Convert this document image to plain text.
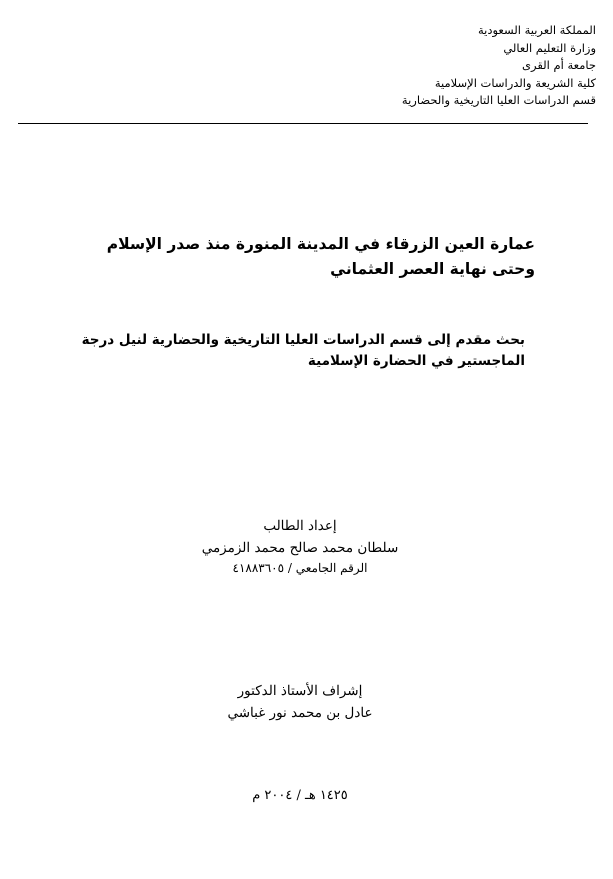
المملكة العربية السعودية
وزارة التعليم العالي
جامعة أم القرى
كلية الشريعة والدراسات الإسلامية
قسم الدراسات العليا التاريخية والحضارية
عمارة العين الزرقاء في المدينة المنورة منذ صدر الإسلام وحتى نهاية العصر العثماني
بحث مقدم إلى قسم الدراسات العليا التاريخية والحضارية لنيل درجة الماجستير في الحضارة الإسلامية
إعداد الطالب
سلطان محمد صالح محمد الزمزمي
الرقم الجامعي / ٤١٨٨٣٦٠٥
إشراف الأستاذ الدكتور
عادل بن محمد نور غباشي
١٤٢٥ هـ / ٢٠٠٤ م
